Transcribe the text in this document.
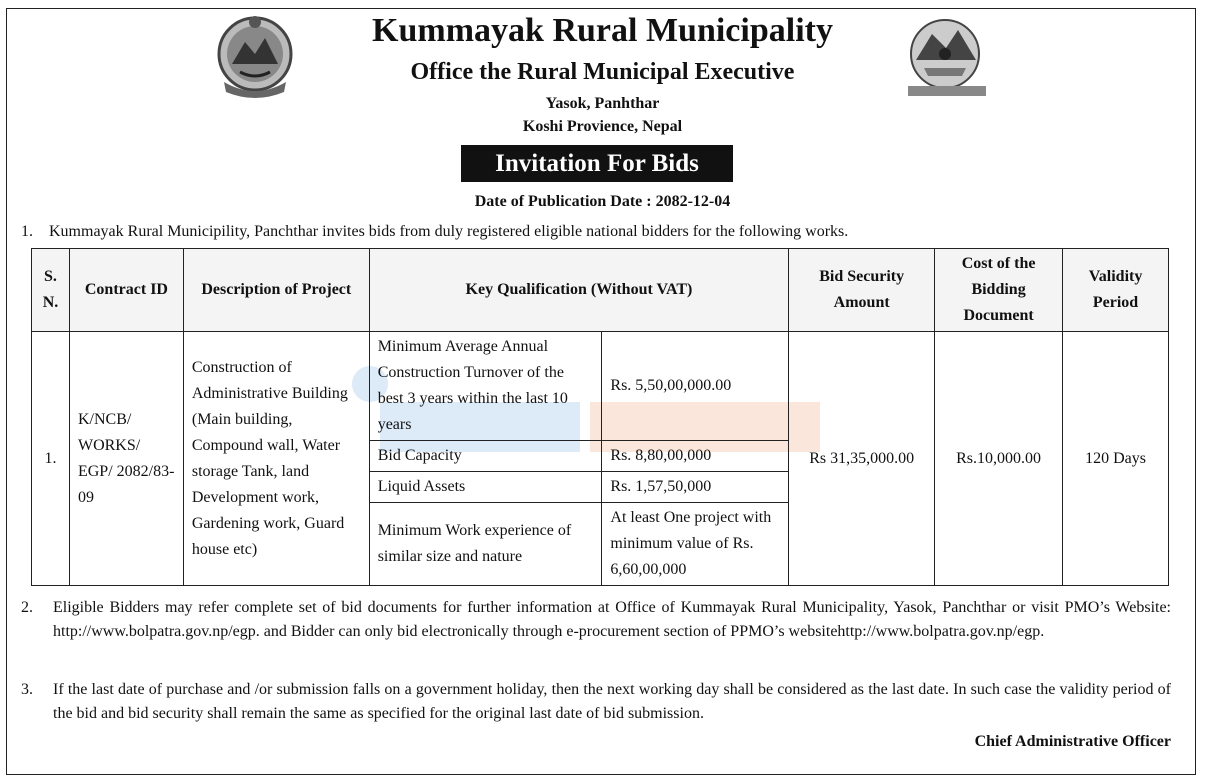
Kummayak Rural Municipality
Office the Rural Municipal Executive
Yasok, Panhthar
Koshi Provience, Nepal
Invitation For Bids
Date of Publication Date : 2082-12-04
1. Kummayak Rural Municipility, Panchthar invites bids from duly registered eligible national bidders for the following works.
S. N.	Contract ID	Description of Project	Key Qualification (Without VAT)		Bid Security Amount	Cost of the Bidding Document	Validity Period
1.	K/NCB/ WORKS/ EGP/ 2082/83-09	Construction of Administrative Building (Main building, Compound wall, Water storage Tank, land Development work, Gardening work, Guard house etc)	Minimum Average Annual Construction Turnover of the best 3 years within the last 10 years	Rs. 5,50,00,000.00	Rs 31,35,000.00	Rs.10,000.00	120 Days
			Bid Capacity	Rs. 8,80,00,000			
			Liquid Assets	Rs. 1,57,50,000			
			Minimum Work experience of similar size and nature	At least One project with minimum value of Rs. 6,60,00,000			
2. Eligible Bidders may refer complete set of bid documents for further information at Office of Kummayak Rural Municipality, Yasok, Panchthar or visit PMO’s Website: http://www.bolpatra.gov.np/egp. and Bidder can only bid electronically through e-procurement section of PPMO’s websitehttp://www.bolpatra.gov.np/egp.
3. If the last date of purchase and /or submission falls on a government holiday, then the next working day shall be considered as the last date. In such case the validity period of the bid and bid security shall remain the same as specified for the original last date of bid submission.
Chief Administrative Officer
